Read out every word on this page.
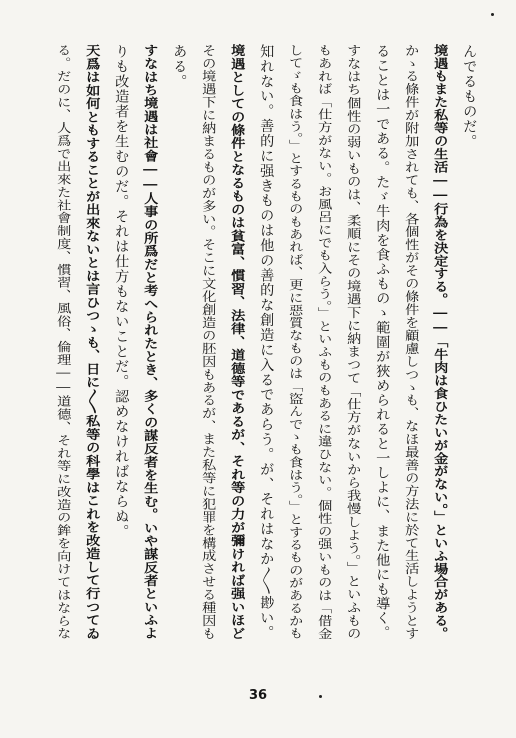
んでるものだ。
境遇もまた私等の生活――行為を決定する。――「牛肉は食ひたいが金がない。」といふ場合がある。
かゝる條件が附加されても、各個性がその條件を顧慮しつゝも、なほ最善の方法に於て生活しようとす
ることは一である。たゞ牛肉を食ふものゝ範圍が狹められると一しよに、また他にも導く。
すなはち個性の弱いものは、柔順にその境遇下に納まつて「仕方がないから我慢しよう。」といふもの
もあれば「仕方がない。お風呂にでも入らう。」といふものもあるに違ひない。個性の强いものは「借金
してゞも食はう。」とするものもあれば、更に惡質なものは「盜んでゝも食はう。」とするものがあるかも
知れない。善的に强きものは他の善的な創造に入るであらう。が、それはなか〳〵尠い。
境遇としての條件となるものは貧富、慣習、法律、道德等であるが、それ等の力が彌ければ强いほど
その境遇下に納まるものが多い。そこに文化創造の胚因もあるが、また私等に犯罪を構成させる種因も
ある。
すなはち境遇は社會――人事の所爲だと考へられたとき、多くの謀反者を生む。いや謀反者といふよ
りも改造者を生むのだ。それは仕方もないことだ。認めなければならぬ。
天爲は如何ともすることが出來ないとは言ひつゝも、日に〳〵私等の科學はこれを改造して行つてゐ
る。だのに、人爲で出來た社會制度、慣習、風俗、倫理――道德、それ等に改造の鉾を向けてはならな
36
